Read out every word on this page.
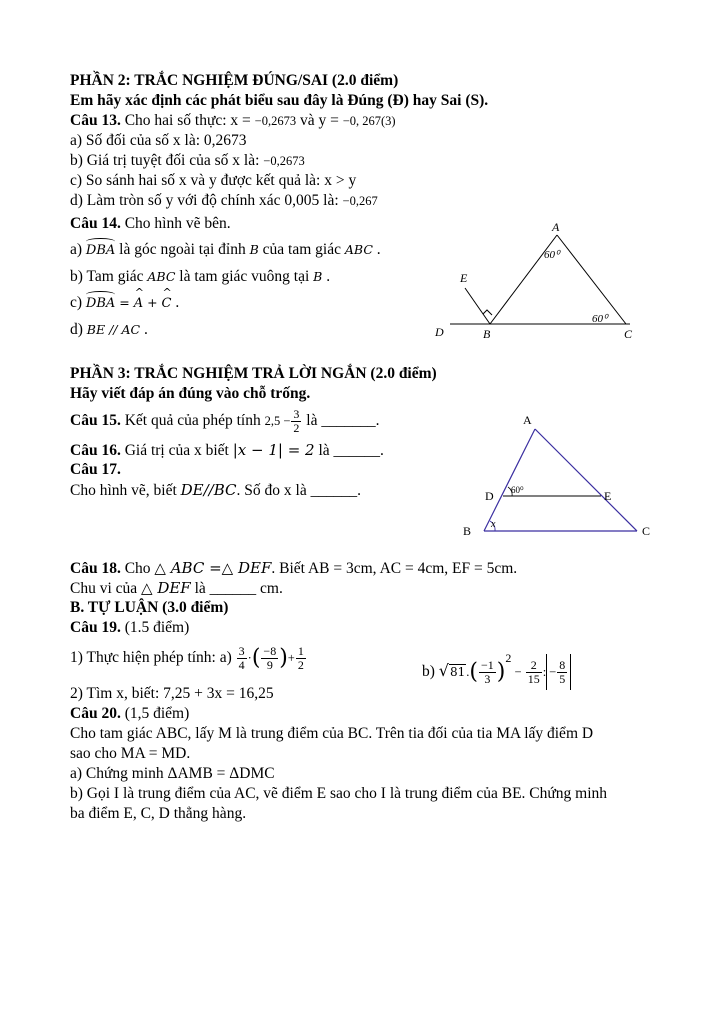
PHẦN 2: TRẮC NGHIỆM ĐÚNG/SAI (2.0 điểm)
Em hãy xác định các phát biểu sau đây là Đúng (Đ) hay Sai (S).
Câu 13. Cho hai số thực: x = −0,2673 và y = −0, 267(3)
a) Số đối của số x là: 0,2673
b) Giá trị tuyệt đối của số x là: −0,2673
c) So sánh hai số x và y được kết quả là: x > y
d) Làm tròn số y với độ chính xác 0,005 là: −0,267
Câu 14. Cho hình vẽ bên.
a) DBA là góc ngoài tại đỉnh B của tam giác ABC .
b) Tam giác ABC là tam giác vuông tại B .
c) DBA = ^ A + ^ C .
d) BE // AC .
A
B	C
D
E
60⁰
60⁰
PHẦN 3: TRẮC NGHIỆM TRẢ LỜI NGẮN (2.0 điểm)
Hãy viết đáp án đúng vào chỗ trống.
Câu 15. Kết quả của phép tính $2,5 - \frac{3}{2}$ là _______.
Câu 16. Giá trị của x biết |x − 1| = 2 là ______.
Câu 17.
Cho hình vẽ, biết DE//BC. Số đo x là ______.
A
B	C
D	E
60⁰
x
Câu 18. Cho △ ABC =△ DEF. Biết AB = 3cm, AC = 4cm, EF = 5cm.
Chu vi của △ DEF là ______ cm.
B. TỰ LUẬN (3.0 điểm)
Câu 19. (1.5 điểm)
1) Thực hiện phép tính: $a) \frac{3}{4}$ ·( $\frac{-8}{9}$ )+ $\frac{1}{2}$	b) $√81.( \frac{-1}{3} )^2 - \frac{2}{15}$ : − $\frac{8}{5}$
2) Tìm x, biết: 7,25 + 3x = 16,25
Câu 20. (1,5 điểm)
Cho tam giác ABC, lấy M là trung điểm của BC. Trên tia đối của tia MA lấy điểm D
sao cho MA = MD.
a) Chứng minh ΔAMB = ΔDMC
b) Gọi I là trung điểm của AC, vẽ điểm E sao cho I là trung điểm của BE. Chứng minh
ba điểm E, C, D thẳng hàng.
